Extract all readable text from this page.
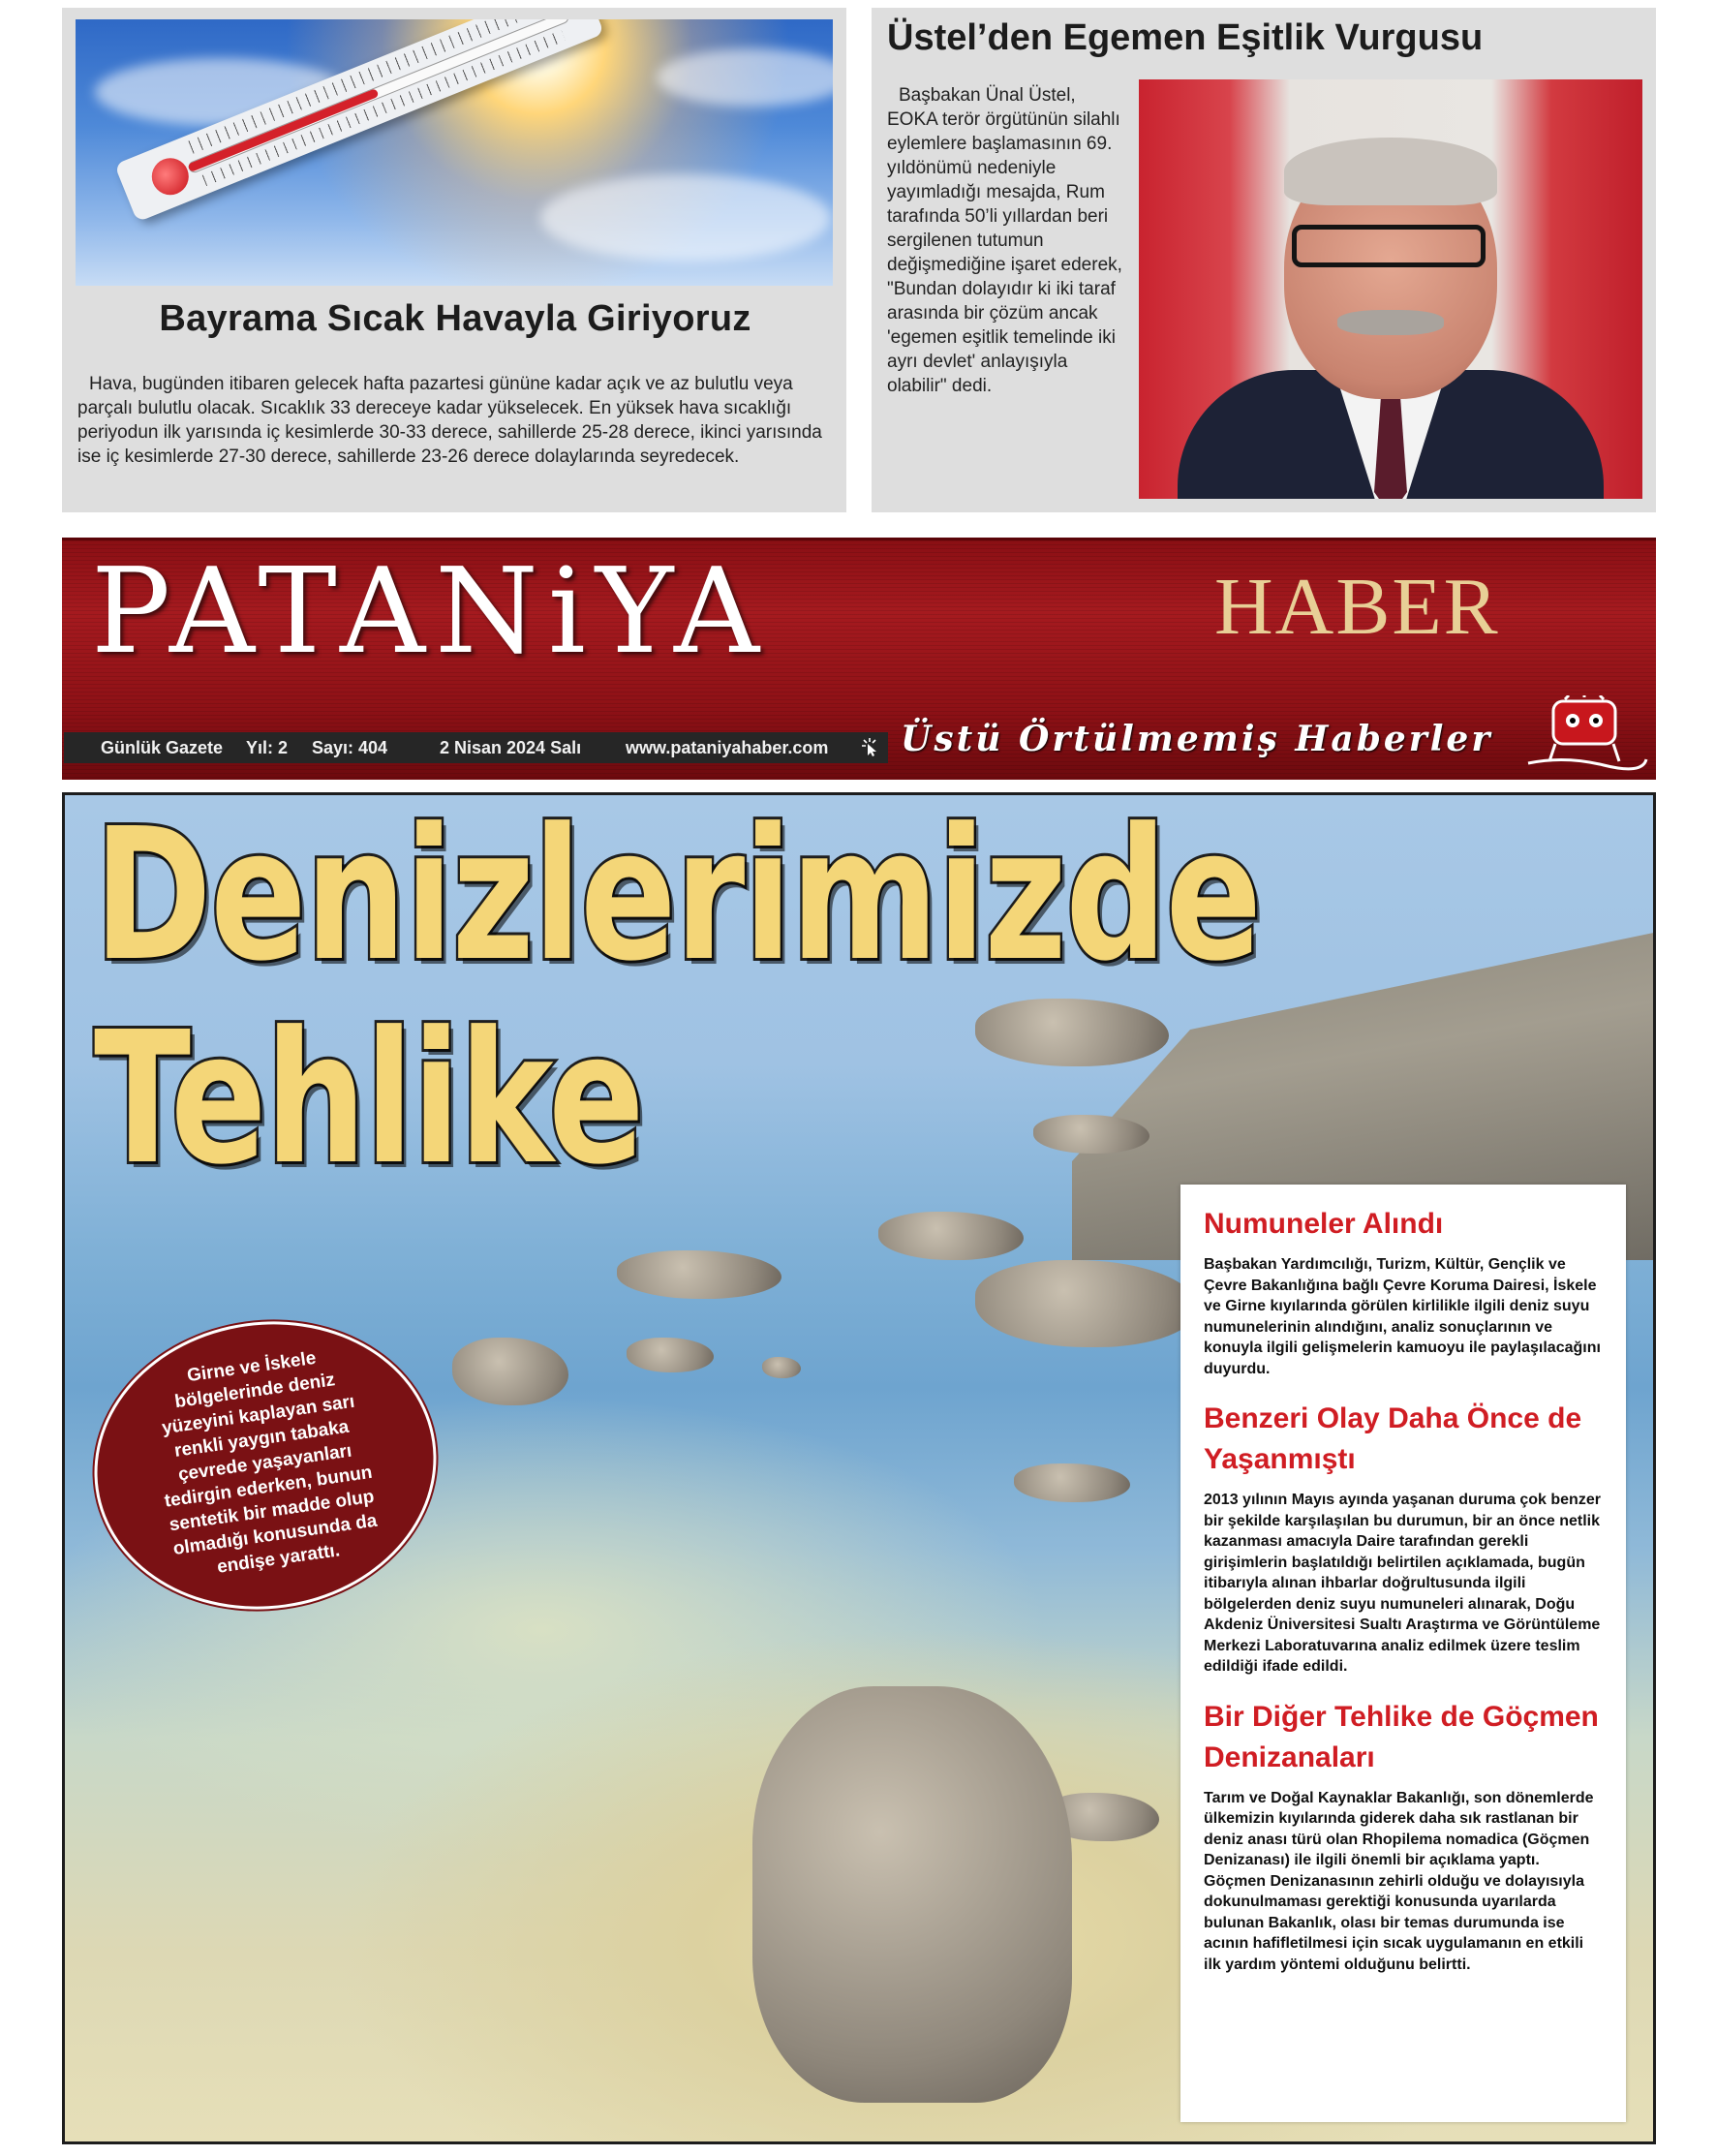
Bayrama Sıcak Havayla Giriyoruz
Hava, bugünden itibaren gelecek hafta pazartesi gününe kadar açık ve az bulutlu veya parçalı bulutlu olacak. Sıcaklık 33 dereceye kadar yükselecek. En yüksek hava sıcaklığı periyodun ilk yarısında iç kesimlerde 30-33 derece, sahillerde 25-28 derece, ikinci yarısında ise iç kesimlerde 27-30 derece, sahillerde 23-26 derece dolaylarında seyredecek.
Üstel’den Egemen Eşitlik Vurgusu
Başbakan Ünal Üstel, EOKA terör örgütünün silahlı eylemlere başlamasının 69. yıldönümü nedeniyle yayımladığı mesajda, Rum tarafında 50’li yıllardan beri sergilenen tutumun değişmediğine işaret ederek, "Bundan dolayıdır ki iki taraf arasında bir çözüm ancak 'egemen eşitlik temelinde iki ayrı devlet' anlayışıyla olabilir" dedi.
PATANiYA	HABER
Günlük Gazete Yıl: 2 Sayı: 404	2 Nisan 2024 Salı	www.pataniyahaber.com Üstü Örtülmemiş Haberler
Denizlerimizde
Tehlike
Girne ve İskele bölgelerinde deniz yüzeyini kaplayan sarı renkli yaygın tabaka çevrede yaşayanları tedirgin ederken, bunun sentetik bir madde olup olmadığı konusunda da endişe yarattı.
Numuneler Alındı

Başbakan Yardımcılığı, Turizm, Kültür, Gençlik ve Çevre Bakanlığına bağlı Çevre Koruma Dairesi, İskele ve Girne kıyılarında görülen kirlilikle ilgili deniz suyu numunelerinin alındığını, analiz sonuçlarının ve konuyla ilgili gelişmelerin kamuoyu ile paylaşılacağını duyurdu.

Benzeri Olay Daha Önce de Yaşanmıştı

2013 yılının Mayıs ayında yaşanan duruma çok benzer bir şekilde karşılaşılan bu durumun, bir an önce netlik kazanması amacıyla Daire tarafından gerekli girişimlerin başlatıldığı belirtilen açıklamada, bugün itibarıyla alınan ihbarlar doğrultusunda ilgili bölgelerden deniz suyu numuneleri alınarak, Doğu Akdeniz Üniversitesi Sualtı Araştırma ve Görüntüleme Merkezi Laboratuvarına analiz edilmek üzere teslim edildiği ifade edildi.

Bir Diğer Tehlike de Göçmen Denizanaları

Tarım ve Doğal Kaynaklar Bakanlığı, son dönemlerde ülkemizin kıyılarında giderek daha sık rastlanan bir deniz anası türü olan Rhopilema nomadica (Göçmen Denizanası) ile ilgili önemli bir açıklama yaptı. Göçmen Denizanasının zehirli olduğu ve dolayısıyla dokunulmaması gerektiği konusunda uyarılarda bulunan Bakanlık, olası bir temas durumunda ise acının hafifletilmesi için sıcak uygulamanın en etkili ilk yardım yöntemi olduğunu belirtti.
